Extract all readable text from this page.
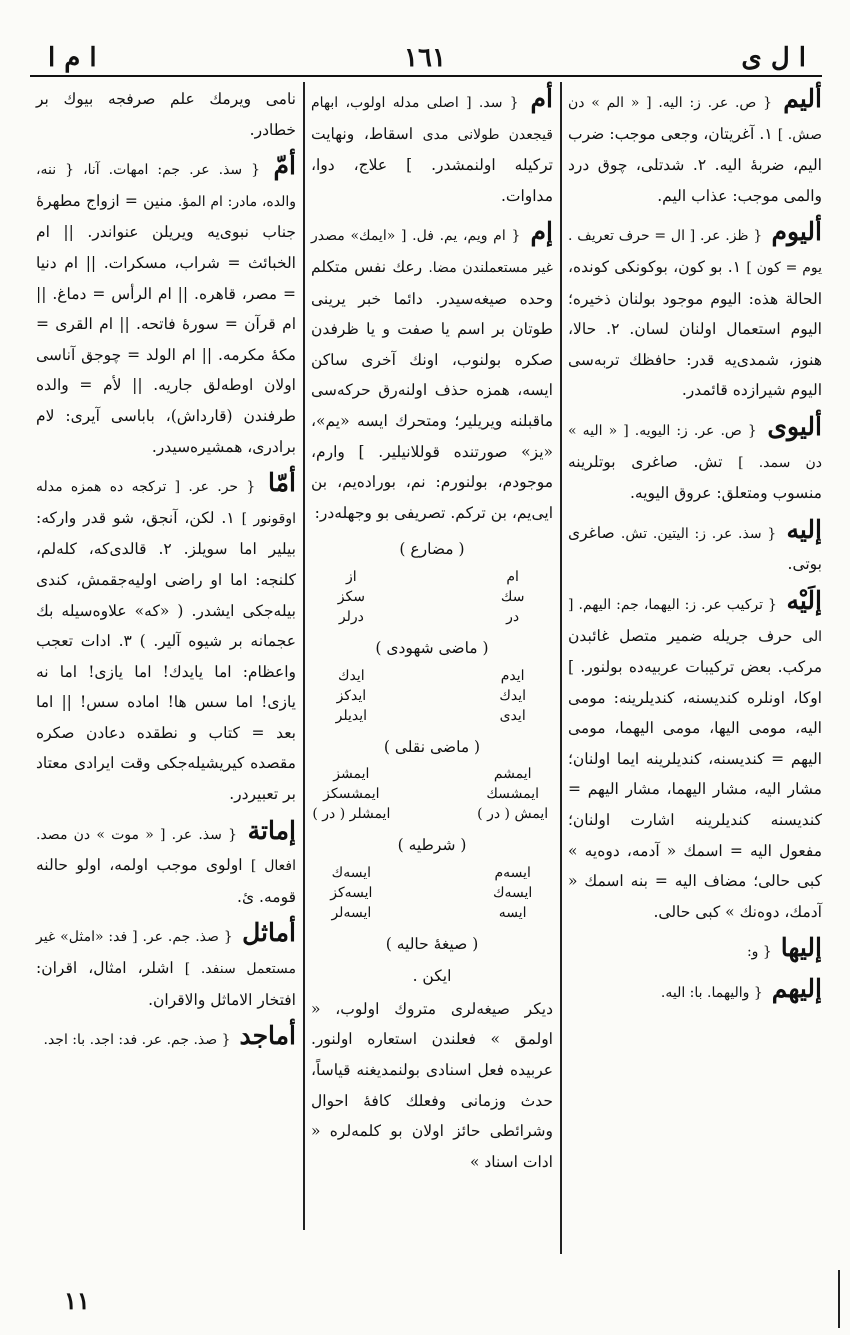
ا م ا	١٦١	ا ل ى
أليم { ص. عر. ز: الیه. [ « الم » دن صش. ] ١. آغریتان، وجعی موجب: ضرب الیم، ضربهٔ الیه. ٢. شدتلی، چوق درد والمی موجب: عذاب الیم.
أليوم { ظز. عر. [ ال = حرف تعریف . یوم = کون ] ١. بو کون، بوکونکی کونده، الحالة هذه: الیوم موجود بولنان ذخیره؛ الیوم استعمال اولنان لسان. ٢. حالا، هنوز، شمدی‌یه قدر: حافظك تربه‌سی الیوم شیرازده قائمدر.
أليوى { ص. عر. ز: الیویه. [ « الیه » دن سمد. ] تش. صاغری بوتلرینه منسوب ومتعلق: عروق الیویه.
إليه { سذ. عر. ز: الیتین. تش. صاغری بوتی.
إلَيْه { ترکیب عر. ز: الیهما، جم: الیهم. [ الی حرف جریله ضمیر متصل غائبدن مرکب. بعض ترکیبات عربیه‌ده بولنور. ] اوکا، اونلره کندیسنه، کندیلرینه: مومی الیه، مومی الیها، مومی الیهما، مومی الیهم = کندیسنه، کندیلرینه ایما اولنان؛ مشار الیه، مشار الیهما، مشار الیهم = کندیسنه کندیلرینه اشارت اولنان؛ مفعول الیه = اسمك « آدمه، دوه‌یه » کبی حالی؛ مضاف الیه = بنه اسمك « آدمك، دوه‌نك » کبی حالی.
إليها { و:
إليهم { والیهما. با: الیه.
أم { سد. [ اصلی مدله اولوب، ابهام قیجعدن طولانی مدی اسقاط، ونهایت ترکیله اولنمشدر. ] علاج، دوا، مداوات.
إم { ام ویم، یم. فل. [ «ایمك» مصدر غیر مستعملندن مضا. رعك نفس متکلم وحده صیغه‌سیدر. دائما خبر یرینی طوتان بر اسم یا صفت و یا ظرفدن صکره بولنوب، اونك آخری ساکن ایسه، همزه حذف اولنه‌رق حرکه‌سی ماقبلنه ویریلیر؛ ومتحرك ایسه «یم»، «یز» صورتنده قوللانیلیر. ] وارم، موجودم، بولنورم: نم، بورادەیم، بن ایی‌یم، بن ترکم. تصریفی بو وجهله‌در:
( مضارع )
ام		از
سك		سکز
در		درلر
( ماضی شهودی )
ایدم		ایدك
ایدك		ایدکز
ایدی		ایدیلر
( ماضی نقلی )
ایمشم		ایمشز
ایمشسك		ایمشسکز
ایمش ( در )		ایمشلر ( در )
( شرطیه )
ایسەم		ایسەك
ایسەك		ایسەکز
ایسه		ایسەلر
( صیغهٔ حالیه )
ایکن .
دیکر صیغه‌لری متروك اولوب، « اولمق » فعلندن استعاره اولنور. عربیده فعل اسنادی بولنمدیغنه قیاساً، حدث وزمانی وفعلك کافهٔ احوال وشرائطی حائز اولان بو کلمه‌لره « ادات اسناد »
نامی ویرمك علم صرفجه بیوك بر خطادر.
أمّ { سذ. عر. جم: امهات. آنا، { ننه، والده، مادر: ام المؤ. منین = ازواج مطهرهٔ جناب نبوی‌یه ویریلن عنواندر. || ام الخبائث = شراب، مسکرات. || ام دنیا = مصر، قاهره. || ام الرأس = دماغ. || ام قرآن = سورهٔ فاتحه. || ام القری = مکهٔ مکرمه. || ام الولد = چوجق آناسی اولان اوطه‌لق جاریه. || لأم = والده طرفندن (قارداش)، باباسی آیری: لام برادری، همشیره‌سیدر.
أمّا { حر. عر. [ ترکجه ده همزه مدله اوقونور ] ١. لکن، آنجق، شو قدر وارکه: بیلیر اما سویلز. ٢. قالدی‌که، کلەلم، کلنجه: اما او راضی اولیه‌جقمش، کندی بیله‌جکی ایشدر. ( «که» علاوه‌سیله بك عجمانه بر شیوه آلیر. ) ٣. ادات تعجب واعظام: اما یایدك! اما یازی! اما نه یازی! اما سس ها! امادە سس! || اما بعد = کتاب و نطقده دعادن صکره مقصده کیریشیله‌جکی وقت ایرادی معتاد بر تعبیردر.
إماتة { سذ. عر. [ « موت » دن مصد. افعال ] اولوی موجب اولمه، اولو حالنه قومه. ئ.
أماثل { صذ. جم. عر. [ فد: «امثل» غیر مستعمل سنفد. ] اشلر، امثال، اقران: افتخار الاماثل والاقران.
أماجد { صذ. جم. عر. فد: اجد. با: اجد.
١١
